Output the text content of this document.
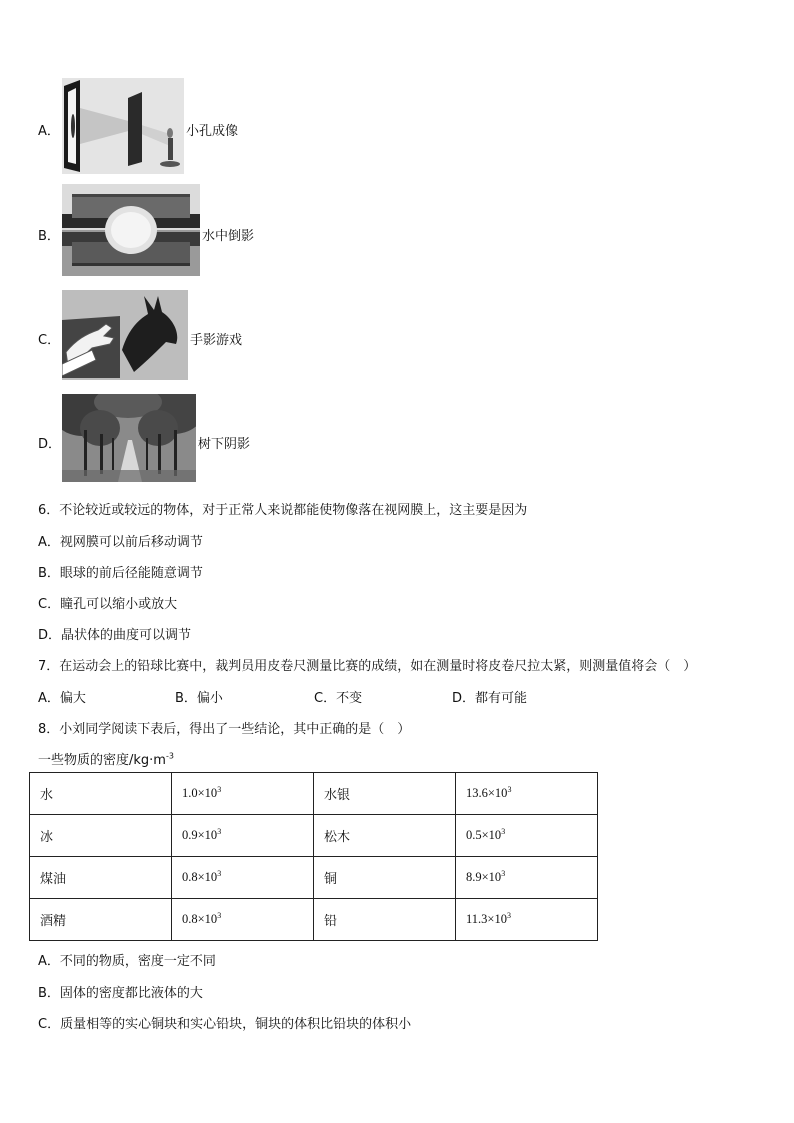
A．	小孔成像
B．	水中倒影
C．	手影游戏
D．	树下阴影
6．不论较近或较远的物体，对于正常人来说都能使物像落在视网膜上，这主要是因为
A．视网膜可以前后移动调节
B．眼球的前后径能随意调节
C．瞳孔可以缩小或放大
D．晶状体的曲度可以调节
7．在运动会上的铅球比赛中，裁判员用皮卷尺测量比赛的成绩，如在测量时将皮卷尺拉太紧，则测量值将会（　）
A．偏大	B．偏小	C．不变	D．都有可能
8．小刘同学阅读下表后，得出了一些结论，其中正确的是（　）
一些物质的密度$/kg\cdot m^{-3}$
水	$1.0\times 10^3$	水银	$13.6\times 10^3$
冰	$0.9\times 10^3$	松木	$0.5\times 10^3$
煤油	$0.8\times 10^3$	铜	$8.9\times 10^3$
酒精	$0.8\times 10^3$	铅	$11.3\times 10^3$
A．不同的物质，密度一定不同
B．固体的密度都比液体的大
C．质量相等的实心铜块和实心铅块，铜块的体积比铅块的体积小
